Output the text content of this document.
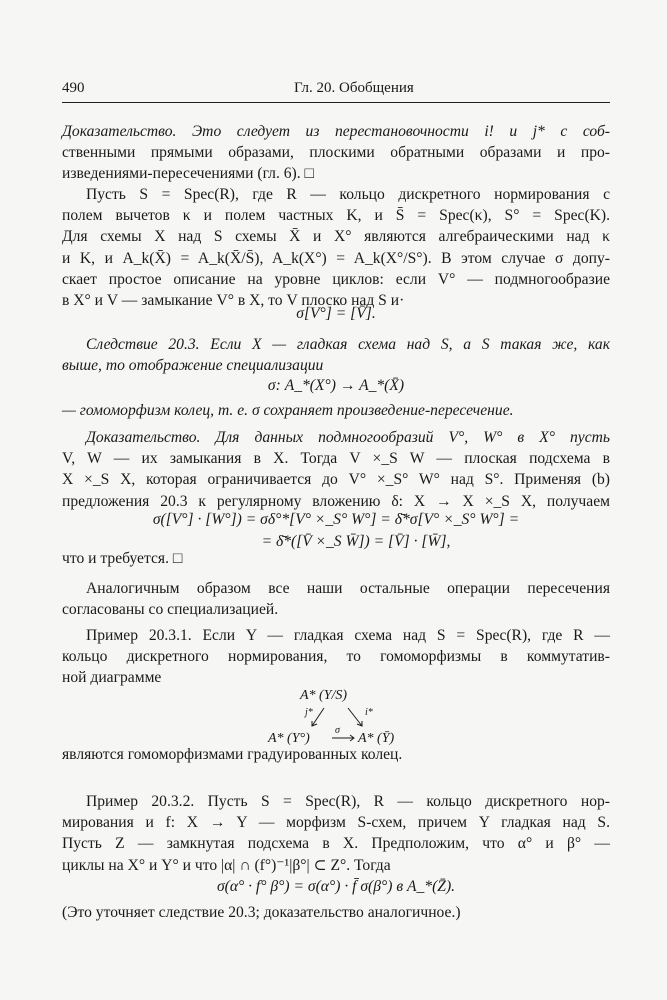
490	Гл. 20. Обобщения
Доказательство. Это следует из перестановочности i! и j* с соб-
ственными прямыми образами, плоскими обратными образами и про-
изведениями-пересечениями (гл. 6). □
Пусть S = Spec(R), где R — кольцо дискретного нормирования с
полем вычетов κ и полем частных K, и S̄ = Spec(κ), S° = Spec(K).
Для схемы X над S схемы X̄ и X° являются алгебраическими над κ
и K, и A_k(X̄) = A_k(X̄/S̄), A_k(X°) = A_k(X°/S°). В этом случае σ допу-
скает простое описание на уровне циклов: если V° — подмногообразие
в X° и V — замыкание V° в X, то V плоско над S и·
σ[V°] = [V̄].
Следствие 20.3. Если X — гладкая схема над S, а S такая же, как
выше, то отображение специализации
σ: A_*(X°) → A_*(X̄)
— гомоморфизм колец, т. е. σ сохраняет произведение-пересечение.
Доказательство. Для данных подмногообразий V°, W° в X° пусть
V, W — их замыкания в X. Тогда V ×_S W — плоская подсхема в
X ×_S X, которая ограничивается до V° ×_S° W° над S°. Применяя (b)
предложения 20.3 к регулярному вложению δ: X → X ×_S X, получаем
σ([V°] · [W°]) = σδ°*[V° ×_S° W°] = δ̄*σ[V° ×_S° W°] =
= δ̄*([V̄ ×_S W̄]) = [V̄] · [W̄],
что и требуется. □
Аналогичным образом все наши остальные операции пересечения
согласованы со специализацией.
Пример 20.3.1. Если Y — гладкая схема над S = Spec(R), где R —
кольцо дискретного нормирования, то гомоморфизмы в коммутатив-
ной диаграмме
A* (Y/S)
A* (Y°)	A* (Ȳ)
j*	i*
σ
являются гомоморфизмами градуированных колец.
Пример 20.3.2. Пусть S = Spec(R), R — кольцо дискретного нор-
мирования и f: X → Y — морфизм S-схем, причем Y гладкая над S.
Пусть Z — замкнутая подсхема в X. Предположим, что α° и β° —
циклы на X° и Y° и что |α| ∩ (f°)⁻¹|β°| ⊂ Z°. Тогда
σ(α° · f° β°) = σ(α°) · f̄ σ(β°) в A_*(Z̄).
(Это уточняет следствие 20.3; доказательство аналогичное.)
